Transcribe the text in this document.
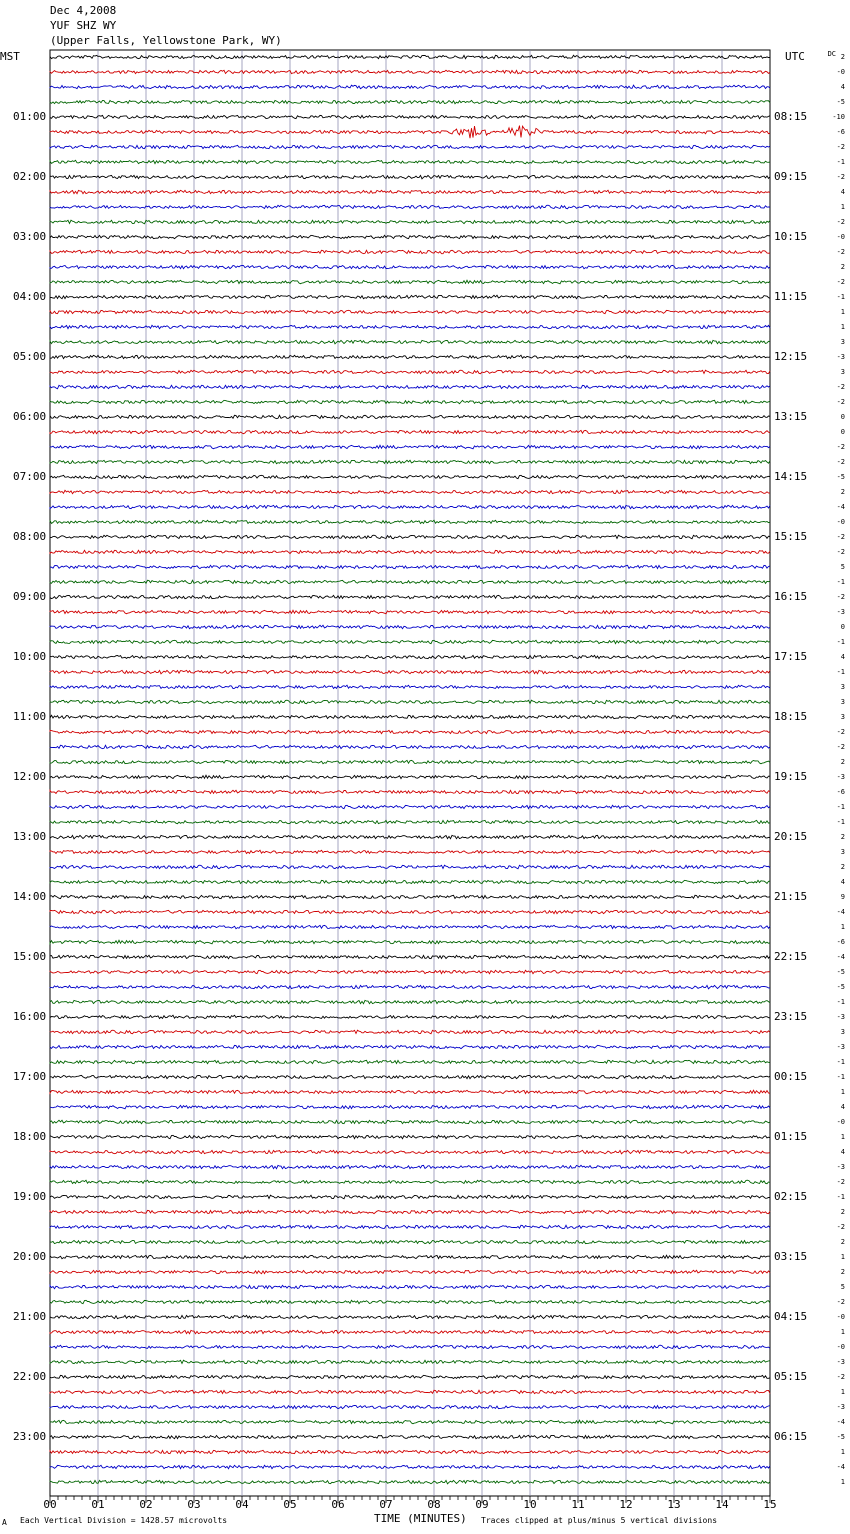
Dec 4,2008
YUF SHZ WY
(Upper Falls, Yellowstone Park, WY)
MST	UTC	DC
00	01	02	03	04	05	06	07	08	09	10	11	12	13	14	15
01:00
02:00
03:00
04:00
05:00
06:00
07:00
08:00
09:00
10:00
11:00
12:00
13:00
14:00
15:00
16:00
17:00
18:00
19:00
20:00
21:00
22:00
23:00
08:15
09:15
10:15
11:15
12:15
13:15
14:15
15:15
16:15
17:15
18:15
19:15
20:15
21:15
22:15
23:15
00:15
01:15
02:15
03:15
04:15
05:15
06:15
2
-0
4
-5
-10
-6
-2
-1
-2
4
1
-2
-0
-2
2
-2
-1
1
1
3
-3
3
-2
-2
0
0
-2
-2
-5
2
-4
-0
-2
-2
5
-1
-2
-3
0
-1
4
-1
3
3
3
-2
-2
2
-3
-6
-1
-1
2
3
2
4
9
-4
1
-6
-4
-5
-5
-1
-3
3
-3
-1
-1
1
4
-0
1
4
-3
-2
-1
2
-2
2
1
2
5
-2
-0
1
-0
-3
-2
1
-3
-4
-5
1
-4
1
A Each Vertical Division = 1428.57 microvolts	TIME (MINUTES) Traces clipped at plus/minus 5 vertical divisions
